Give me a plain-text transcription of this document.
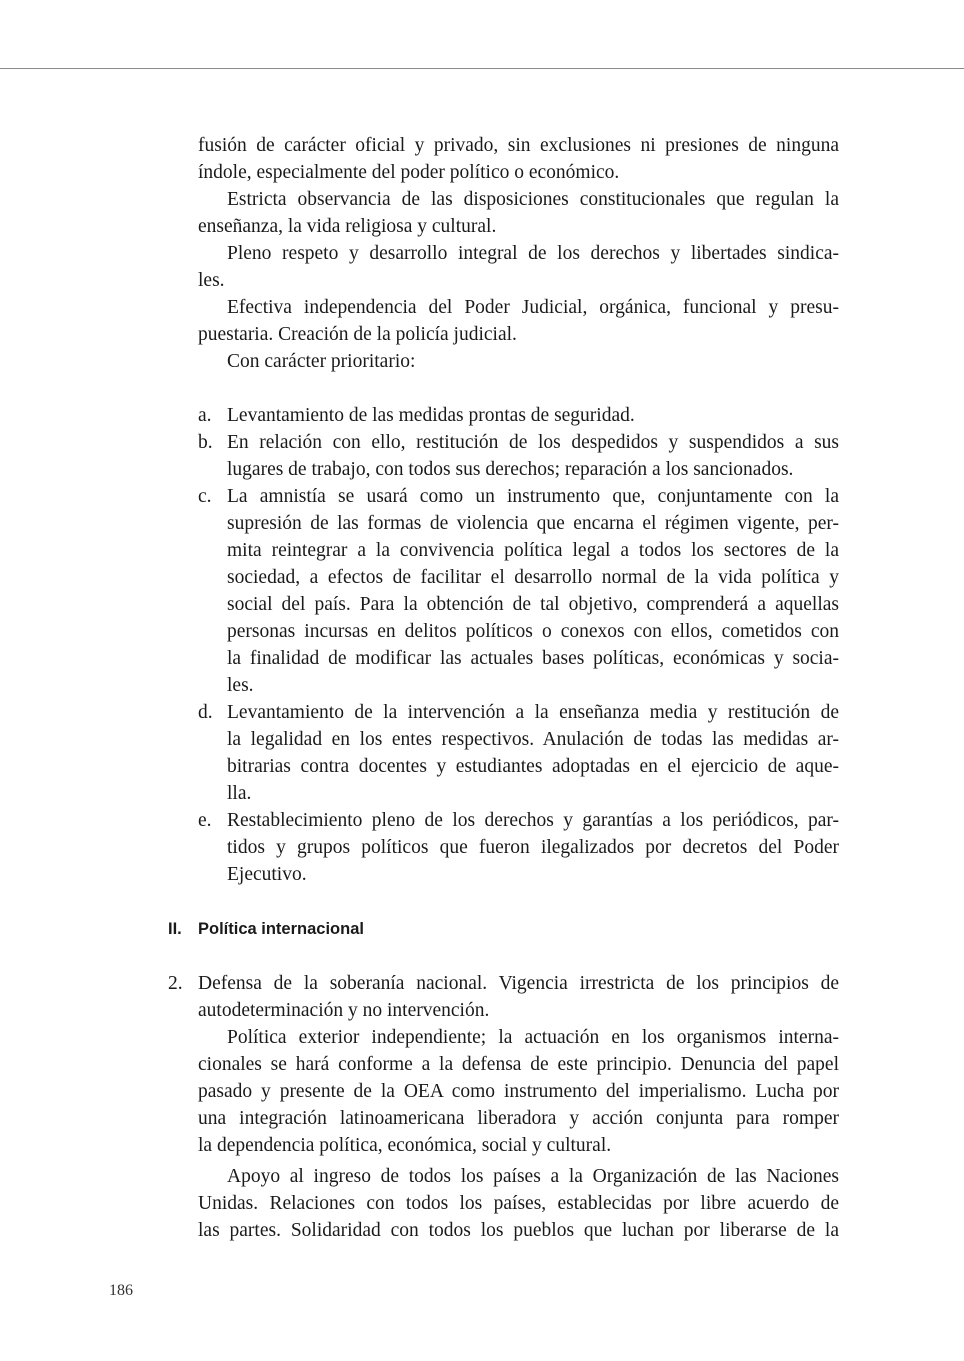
fusión de carácter oficial y privado, sin exclusiones ni presiones de ninguna
índole, especialmente del poder político o económico.
Estricta observancia de las disposiciones constitucionales que regulan la
enseñanza, la vida religiosa y cultural.
Pleno respeto y desarrollo integral de los derechos y libertades sindica-
les.
Efectiva independencia del Poder Judicial, orgánica, funcional y presu-
puestaria. Creación de la policía judicial.
Con carácter prioritario:
a. Levantamiento de las medidas prontas de seguridad.
b. En relación con ello, restitución de los despedidos y suspendidos a sus
lugares de trabajo, con todos sus derechos; reparación a los sancionados.
c. La amnistía se usará como un instrumento que, conjuntamente con la
supresión de las formas de violencia que encarna el régimen vigente, per-
mita reintegrar a la convivencia política legal a todos los sectores de la
sociedad, a efectos de facilitar el desarrollo normal de la vida política y
social del país. Para la obtención de tal objetivo, comprenderá a aquellas
personas incursas en delitos políticos o conexos con ellos, cometidos con
la finalidad de modificar las actuales bases políticas, económicas y socia-
les.
d. Levantamiento de la intervención a la enseñanza media y restitución de
la legalidad en los entes respectivos. Anulación de todas las medidas ar-
bitrarias contra docentes y estudiantes adoptadas en el ejercicio de aque-
lla.
e. Restablecimiento pleno de los derechos y garantías a los periódicos, par-
tidos y grupos políticos que fueron ilegalizados por decretos del Poder
Ejecutivo.
II. Política internacional
2. Defensa de la soberanía nacional. Vigencia irrestricta de los principios de
autodeterminación y no intervención.
Política exterior independiente; la actuación en los organismos interna-
cionales se hará conforme a la defensa de este principio. Denuncia del papel
pasado y presente de la OEA como instrumento del imperialismo. Lucha por
una integración latinoamericana liberadora y acción conjunta para romper
la dependencia política, económica, social y cultural.
Apoyo al ingreso de todos los países a la Organización de las Naciones
Unidas. Relaciones con todos los países, establecidas por libre acuerdo de
las partes. Solidaridad con todos los pueblos que luchan por liberarse de la
186
